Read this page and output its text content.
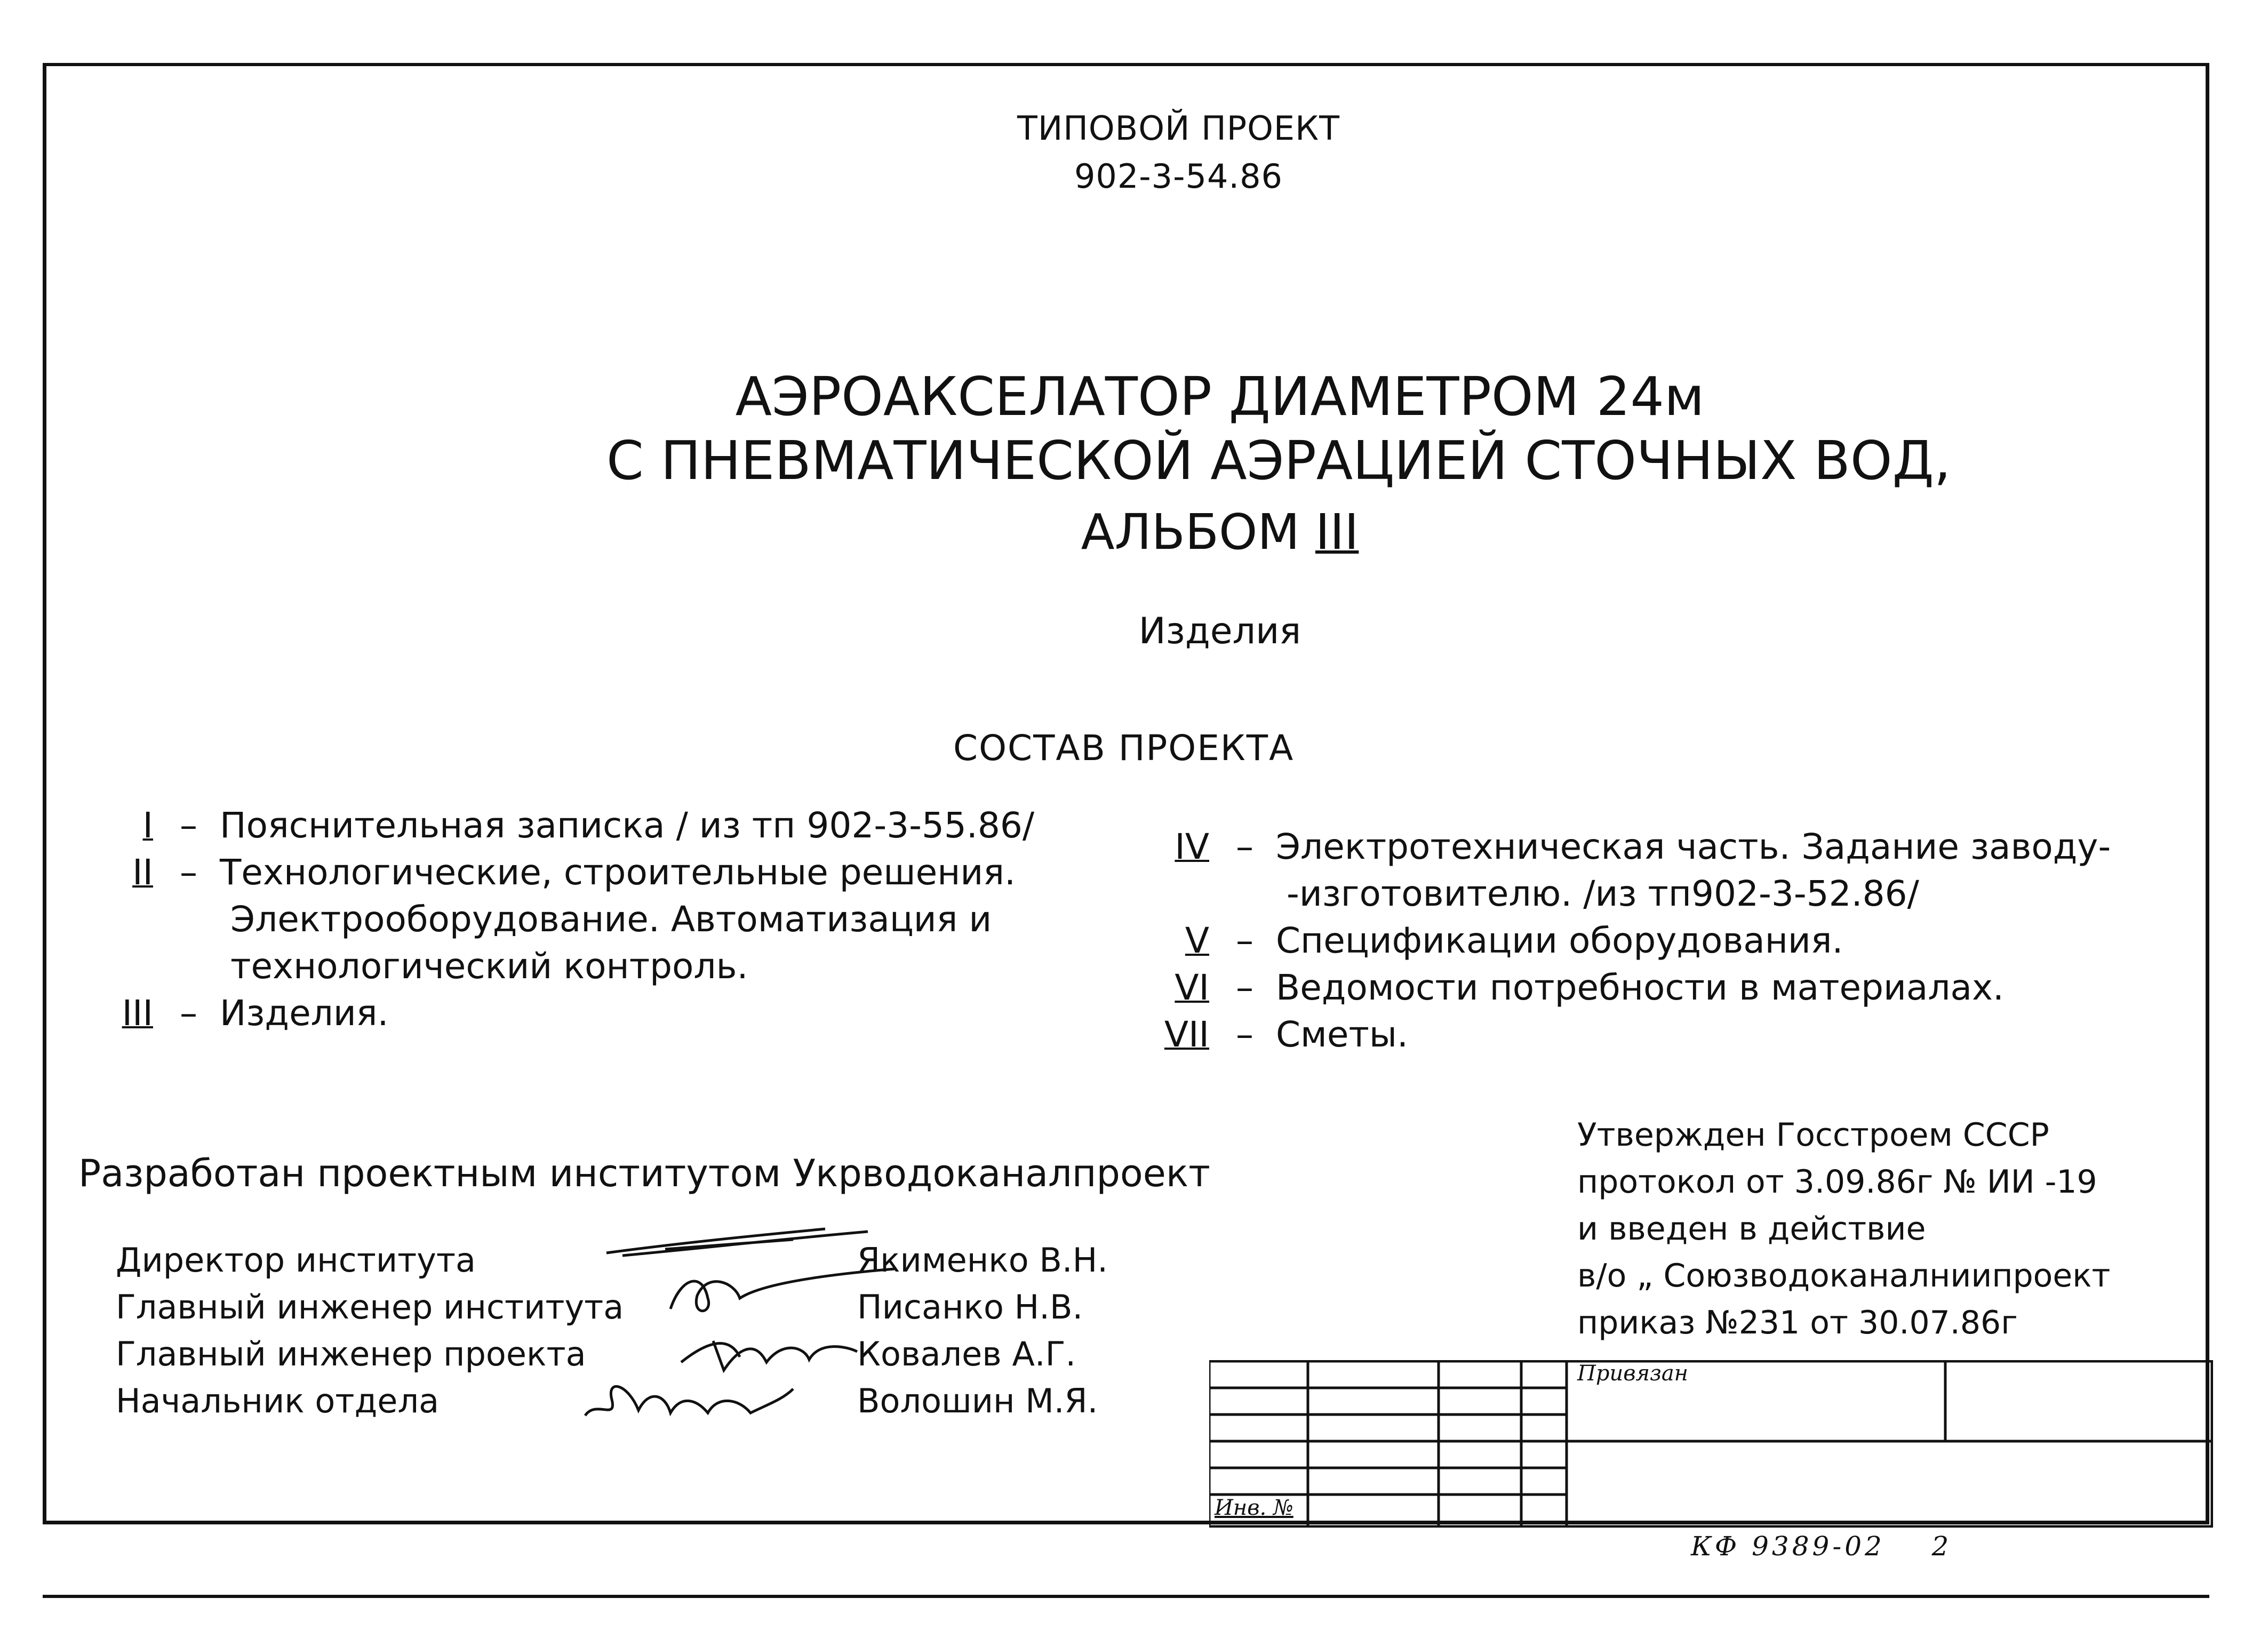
ТИПОВОЙ ПРОЕКТ
902-3-54.86
АЭРОАКСЕЛАТОР ДИАМЕТРОМ 24м
С ПНЕВМАТИЧЕСКОЙ АЭРАЦИЕЙ СТОЧНЫХ ВОД,
АЛЬБОМ III
Изделия
СОСТАВ ПРОЕКТА
I – Пояснительная записка / из тп 902-3-55.86/
II – Технологические, строительные решения.
Электрооборудование. Автоматизация и
технологический контроль.
III – Изделия.
IV – Электротехническая часть. Задание заводу-
-изготовителю. /из тп902-3-52.86/
V – Спецификации оборудования.
VI – Ведомости потребности в материалах.
VII – Сметы.
Разработан проектным институтом Укрводоканалпроект
Утвержден Госстроем СССР
протокол от 3.09.86г № ИИ -19
и введен в действие
в/о „ Союзводоканалниипроект
приказ №231 от 30.07.86г
Директор института
Главный инженер института
Главный инженер проекта
Начальник отдела
Якименко В.Н.
Писанко Н.В.
Ковалев А.Г.
Волошин М.Я.
Привязан
Инв. №
КФ 9389-02 2
